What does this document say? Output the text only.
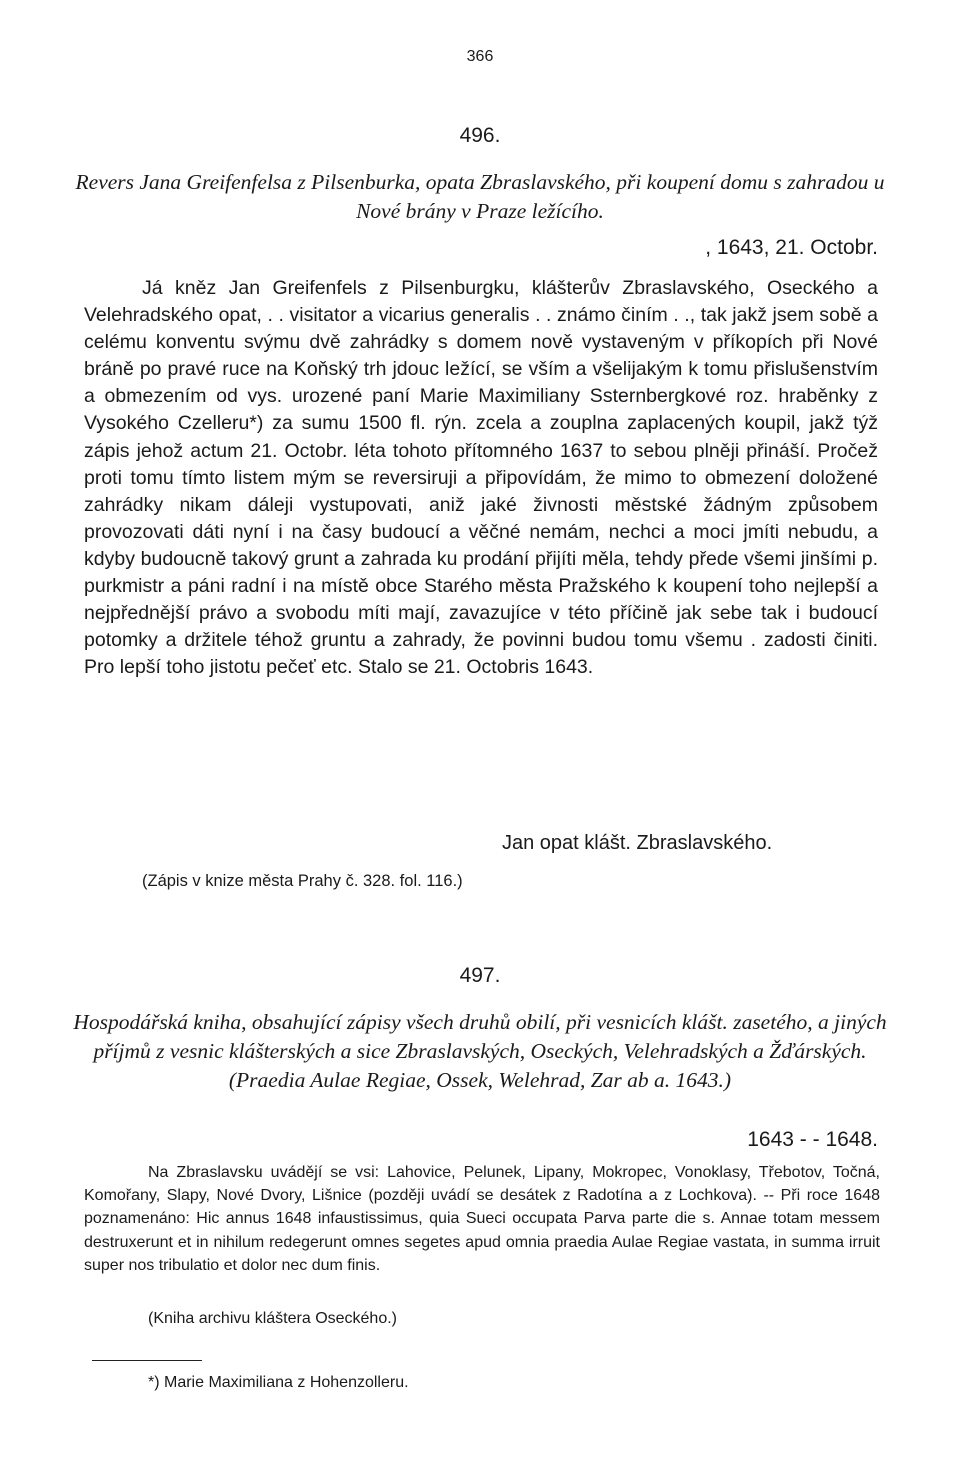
366
496.
Revers Jana Greifenfelsa z Pilsenburka, opata Zbraslavského, při koupení domu s zahradou u Nové brány v Praze ležícího.
, 1643, 21. Octobr.

Já kněz Jan Greifenfels z Pilsenburgku, klášterův Zbraslavského, Oseckého a Velehradského opat, . . visitator a vicarius generalis . . známo činím . ., tak jakž jsem sobě a celému konventu svýmu dvě zahrádky s domem nově vystaveným v příkopích při Nové bráně po pravé ruce na Koňský trh jdouc ležící, se vším a všelijakým k tomu přislušenstvím a obmezením od vys. urozené paní Marie Maximiliany Ssternbergkové roz. hraběnky z Vysokého Czelleru*) za sumu 1500 fl. rýn. zcela a zouplna zaplacených koupil, jakž týž zápis jehož actum 21. Octobr. léta tohoto přítomného 1637 to sebou plněji přináší. Pročež proti tomu tímto listem mým se reversiruji a připovídám, že mimo to obmezení doložené zahrádky nikam dáleji vystupovati, aniž jaké živnosti městské žádným způsobem provozovati dáti nyní i na časy budoucí a věčné nemám, nechci a moci jmíti nebudu, a kdyby budoucně takový grunt a zahrada ku prodání přijíti měla, tehdy přede všemi jinšími p. purkmistr a páni radní i na místě obce Starého města Pražského k koupení toho nejlepší a nejpřednější právo a svobodu míti mají, zavazujíce v této příčině jak sebe tak i budoucí potomky a držitele téhož gruntu a zahrady, že povinni budou tomu všemu . zadosti činiti. Pro lepší toho jistotu pečeť etc. Stalo se 21. Octobris 1643.

Jan opat klášt. Zbraslavského.
(Zápis v knize města Prahy č. 328. fol. 116.)
497.
Hospodářská kniha, obsahující zápisy všech druhů obilí, při vesnicích klášt. zasetého, a jiných příjmů z vesnic klášterských a sice Zbraslavských, Oseckých, Velehradských a Žďárských. (Praedia Aulae Regiae, Ossek, Welehrad, Zar ab a. 1643.)
1643 - - 1648.

Na Zbraslavsku uvádějí se vsi: Lahovice, Pelunek, Lipany, Mokropec, Vonoklasy, Třebotov, Točná, Komořany, Slapy, Nové Dvory, Lišnice (později uvádí se desátek z Radotína a z Lochkova). -- Při roce 1648 poznamenáno: Hic annus 1648 infaustissimus, quia Sueci occupata Parva parte die s. Annae totam messem destruxerunt et in nihilum redegerunt omnes segetes apud omnia praedia Aulae Regiae vastata, in summa irruit super nos tribulatio et dolor nec dum finis.

(Kniha archivu kláštera Oseckého.)
*) Marie Maximiliana z Hohenzolleru.
